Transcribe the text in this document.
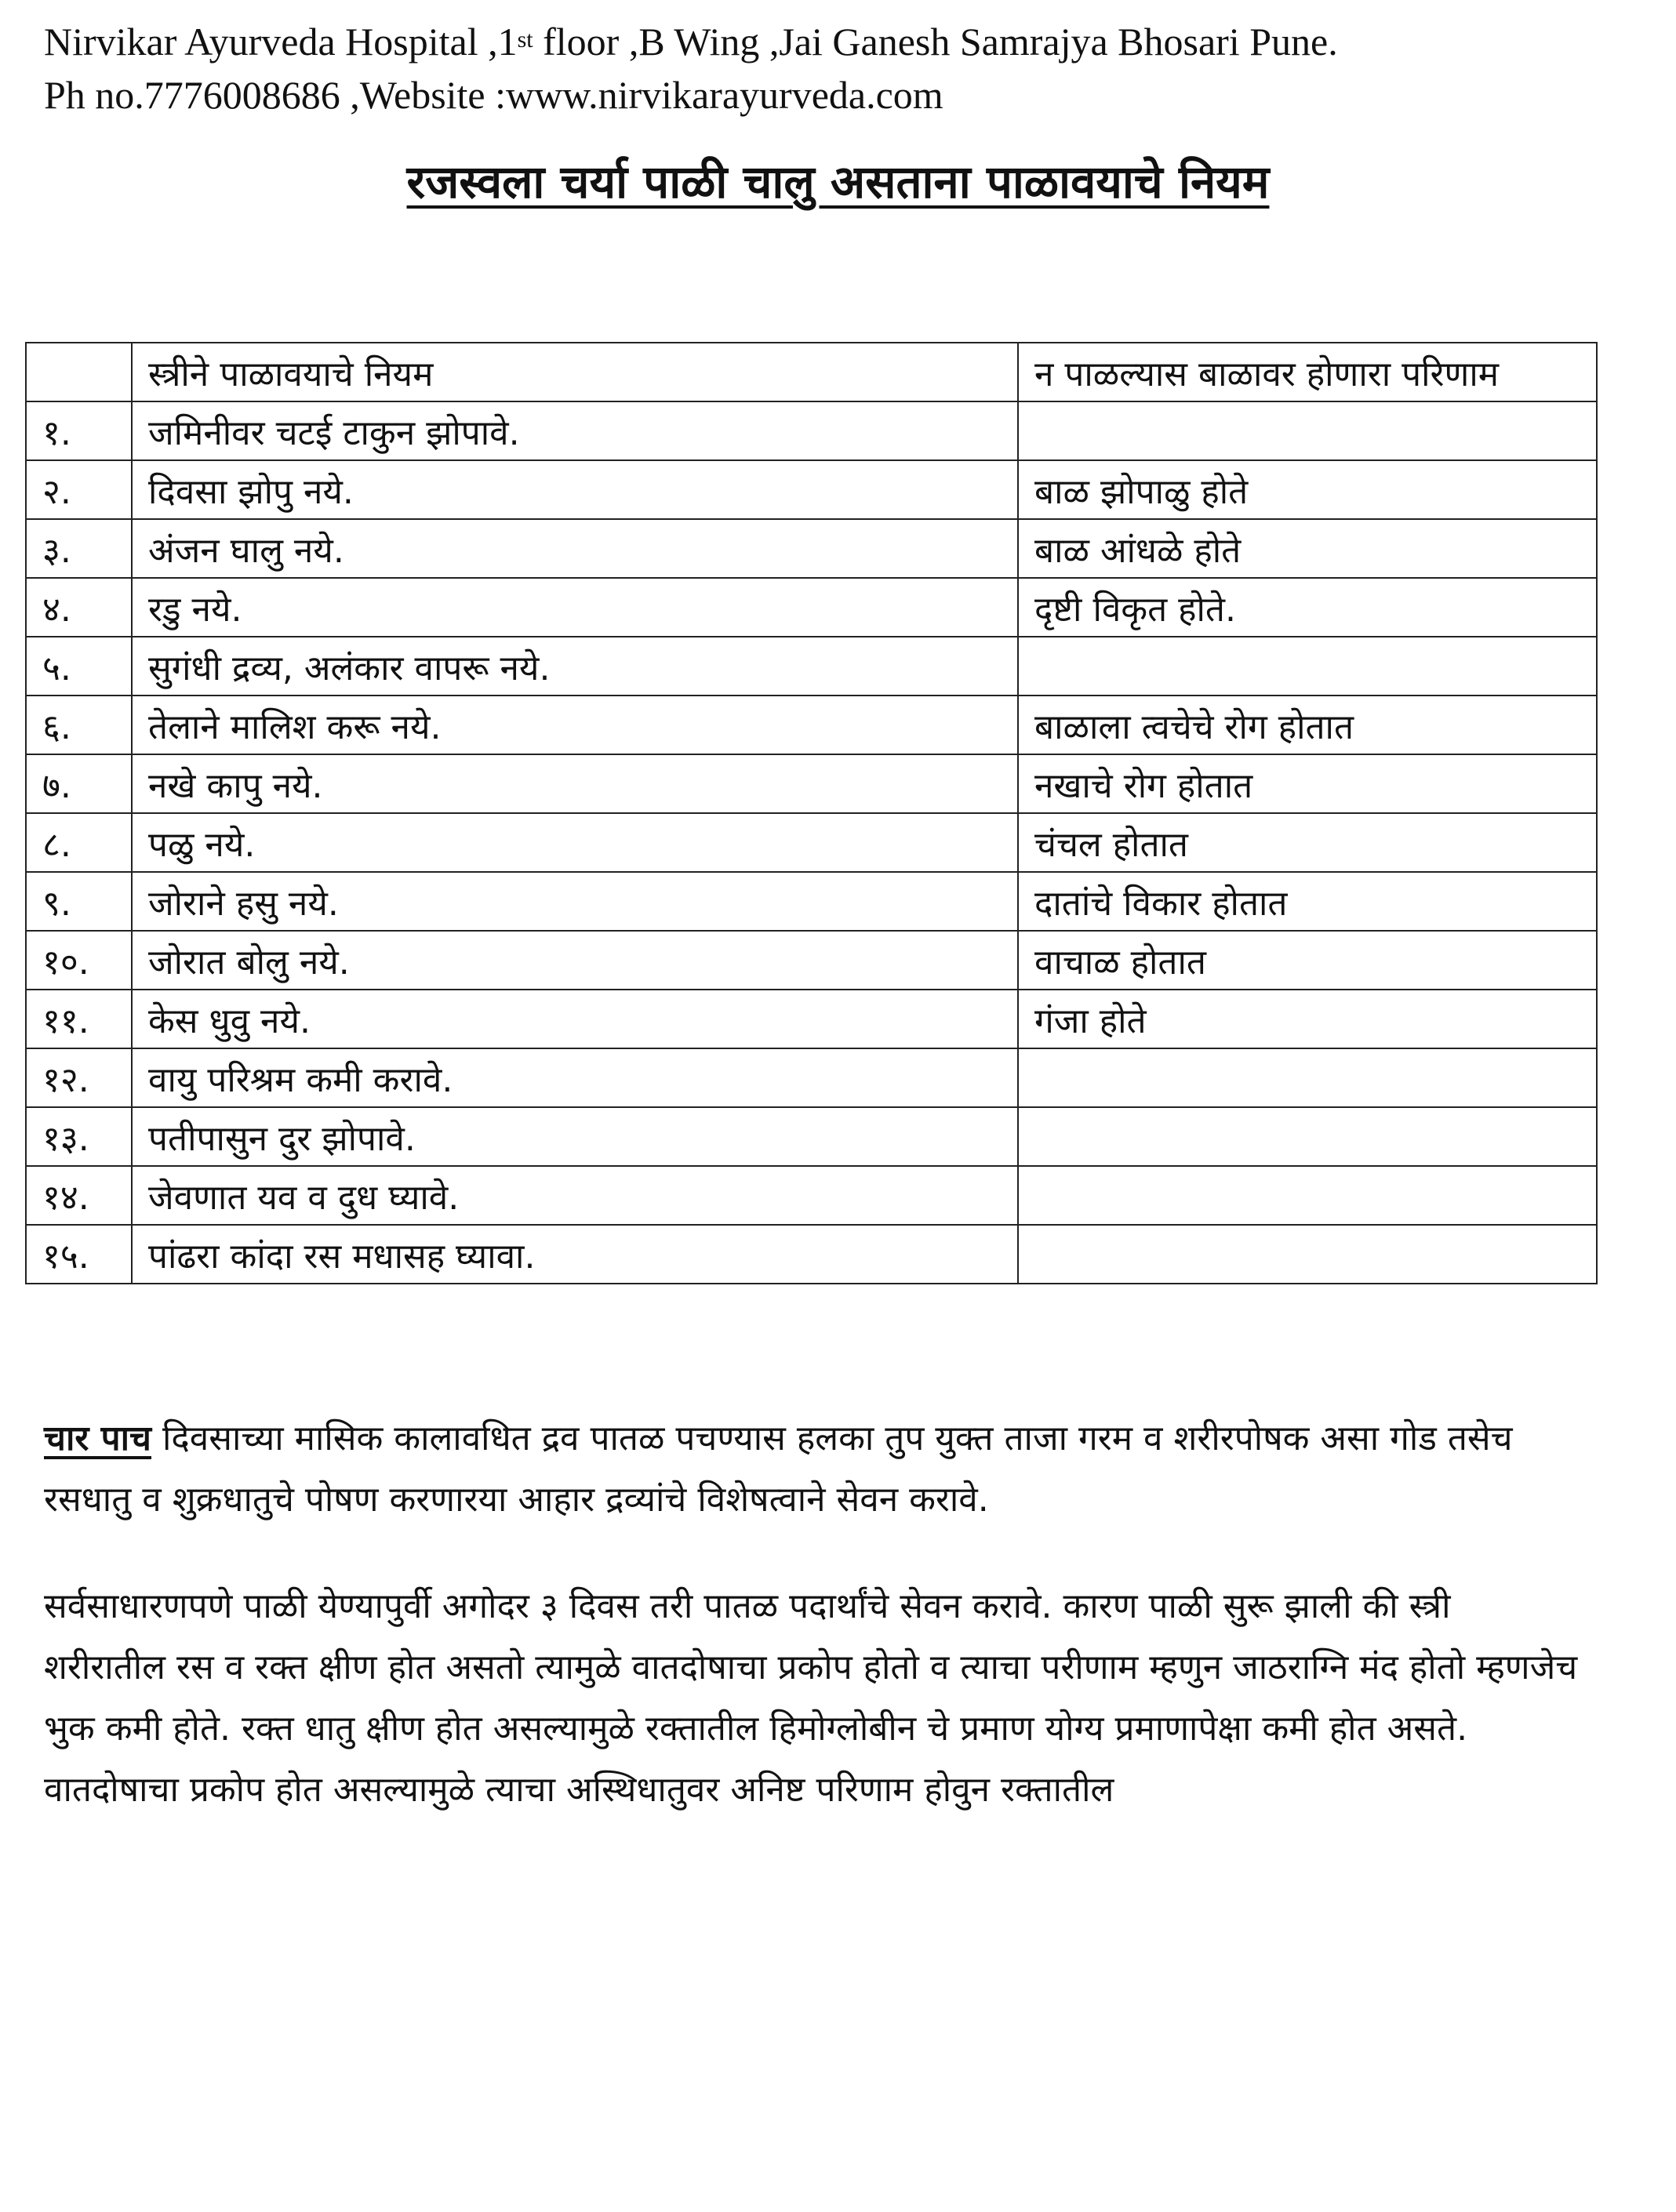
Nirvikar Ayurveda Hospital ,1st floor ,B Wing ,Jai Ganesh Samrajya Bhosari Pune.
Ph no.7776008686 ,Website :www.nirvikarayurveda.com
रजस्वला चर्या पाळी चालु असताना पाळावयाचे नियम
	स्त्रीने पाळावयाचे नियम	न पाळल्यास बाळावर होणारा परिणाम
१.	जमिनीवर चटई टाकुन झोपावे.	
२.	दिवसा झोपु नये.	बाळ झोपाळु होते
३.	अंजन घालु नये.	बाळ आंधळे होते
४.	रडु नये.	दृष्टी विकृत होते.
५.	सुगंधी द्रव्य, अलंकार वापरू नये.	
६.	तेलाने मालिश करू नये.	बाळाला त्वचेचे रोग होतात
७.	नखे कापु नये.	नखाचे रोग होतात
८.	पळु नये.	चंचल होतात
९.	जोराने हसु नये.	दातांचे विकार होतात
१०.	जोरात बोलु नये.	वाचाळ होतात
११.	केस धुवु नये.	गंजा होते
१२.	वायु परिश्रम कमी करावे.	
१३.	पतीपासुन दुर झोपावे.	
१४.	जेवणात यव व दुध घ्यावे.	
१५.	पांढरा कांदा रस मधासह घ्यावा.	
चार पाच दिवसाच्या मासिक कालावधित द्रव पातळ पचण्यास हलका तुप युक्त ताजा गरम व शरीरपोषक असा गोड तसेच रसधातु व शुक्रधातुचे पोषण करणारया आहार द्रव्यांचे विशेषत्वाने सेवन करावे.
सर्वसाधारणपणे पाळी येण्यापुर्वी अगोदर ३ दिवस तरी पातळ पदार्थांचे सेवन करावे. कारण पाळी सुरू झाली की स्त्री शरीरातील रस व रक्त क्षीण होत असतो त्यामुळे वातदोषाचा प्रकोप होतो व त्याचा परीणाम म्हणुन जाठराग्नि मंद होतो म्हणजेच भुक कमी होते. रक्त धातु क्षीण होत असल्यामुळे रक्तातील हिमोग्लोबीन चे प्रमाण योग्य प्रमाणापेक्षा कमी होत असते. वातदोषाचा प्रकोप होत असल्यामुळे त्याचा अस्थिधातुवर अनिष्ट परिणाम होवुन रक्तातील
